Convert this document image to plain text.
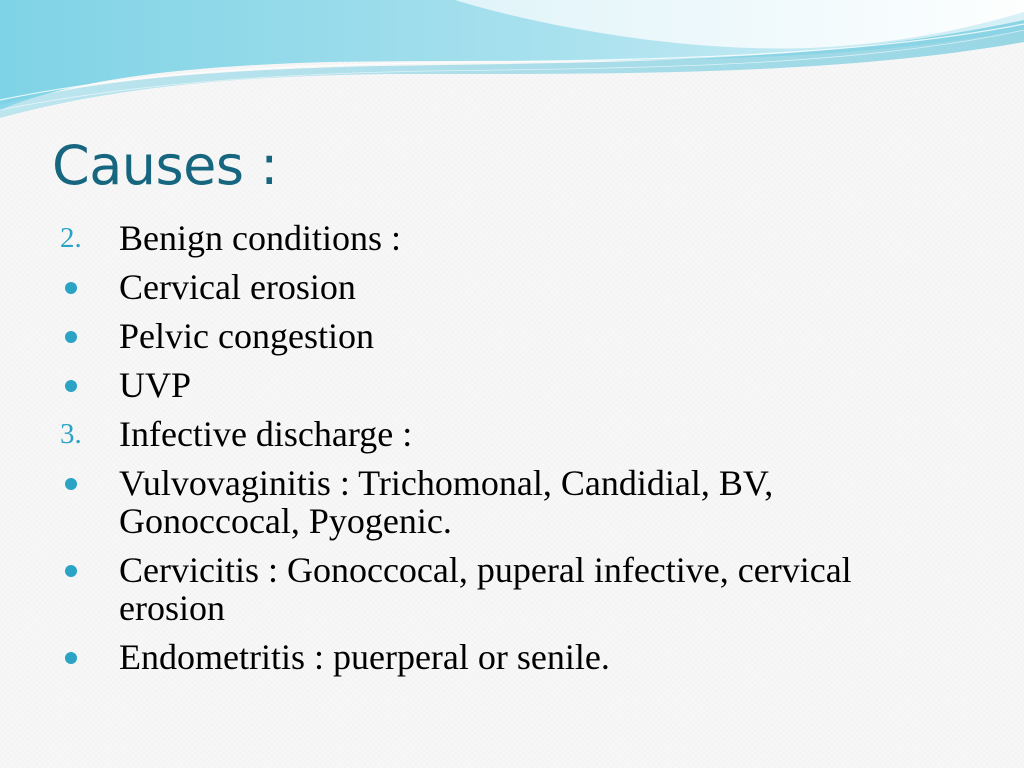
Causes :
2. Benign conditions :
Cervical erosion
Pelvic congestion
UVP
3. Infective discharge :
Vulvovaginitis : Trichomonal, Candidial, BV, Gonoccocal, Pyogenic.
Cervicitis : Gonoccocal, puperal infective, cervical erosion
Endometritis : puerperal or senile.
